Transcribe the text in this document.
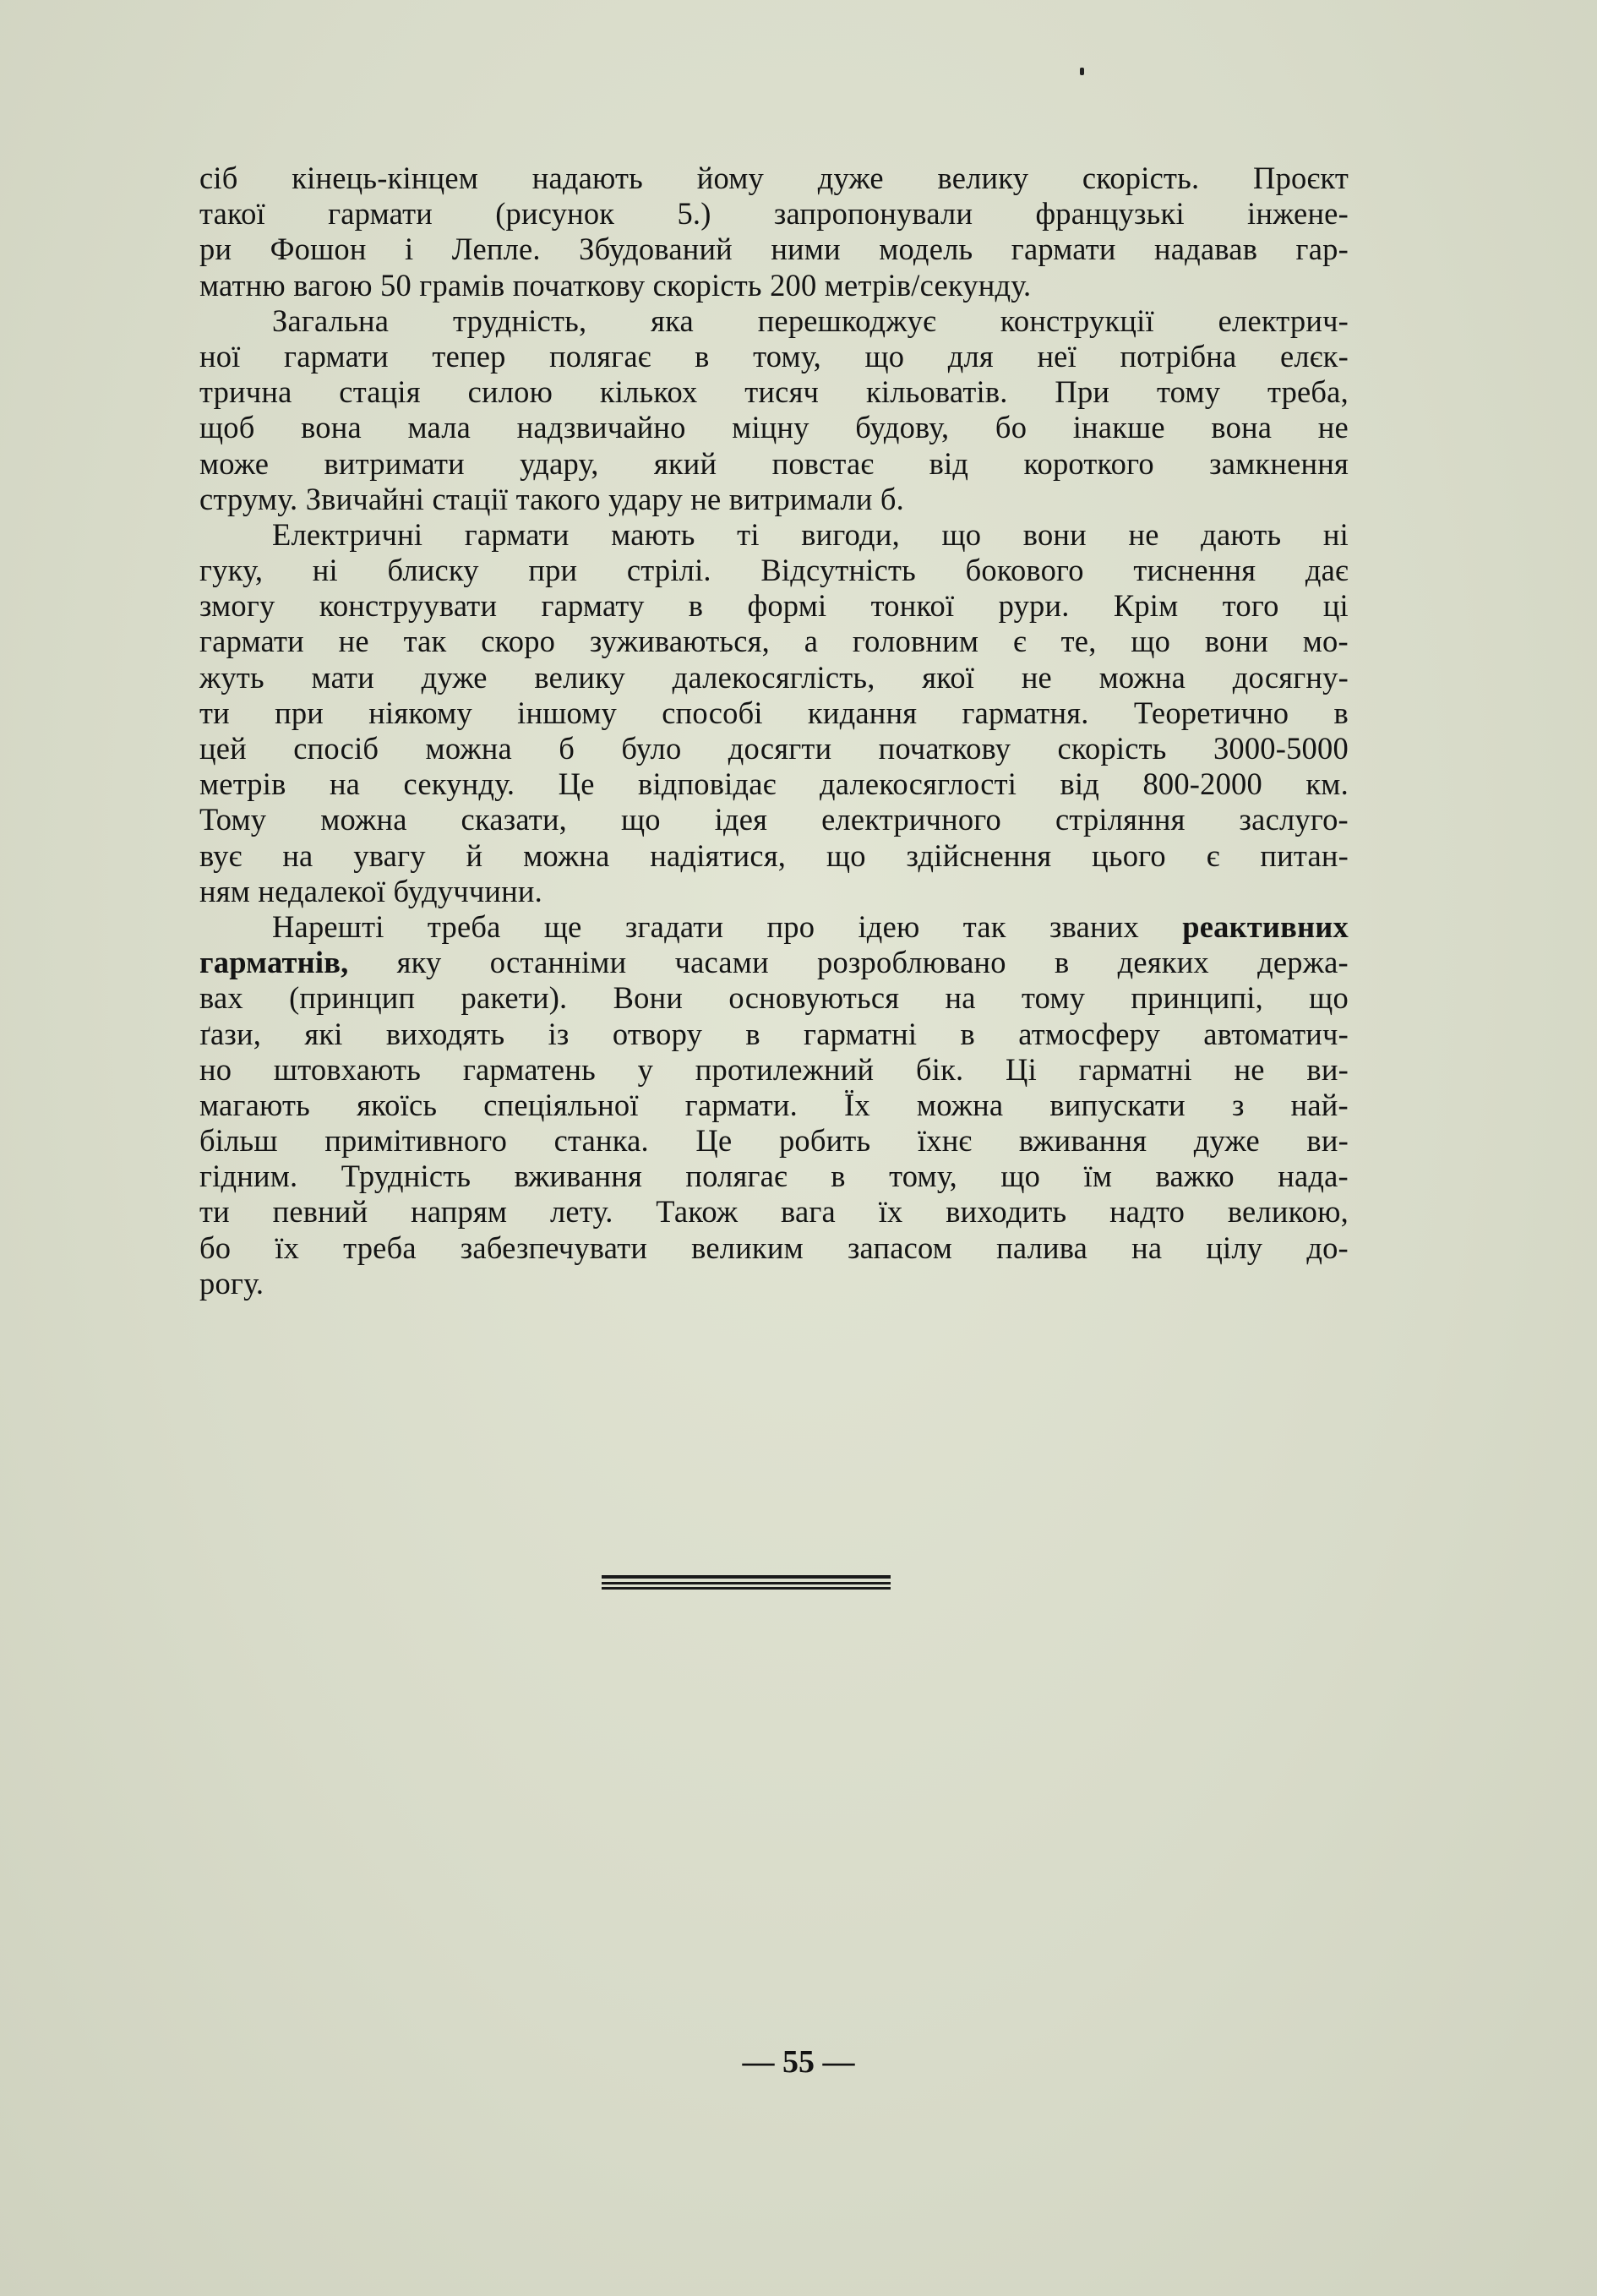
сіб кінець-кінцем надають йому дуже велику скорість. Проєкт
такої гармати (рисунок 5.) запропонували французькі інжене-
ри Фошон і Лепле. Збудований ними модель гармати надавав гар-
матню вагою 50 грамів початкову скорість 200 метрів/секунду.
Загальна трудність, яка перешкоджує конструкції електрич-
ної гармати тепер полягає в тому, що для неї потрібна елєк-
трична стація силою кількох тисяч кільоватів. При тому треба,
щоб вона мала надзвичайно міцну будову, бо інакше вона не
може витримати удару, який повстає від короткого замкнення
струму. Звичайні стації такого удару не витримали б.
Електричні гармати мають ті вигоди, що вони не дають ні
гуку, ні блиску при стрілі. Відсутність бокового тиснення дає
змогу конструувати гармату в формі тонкої рури. Крім того ці
гармати не так скоро зуживаються, а головним є те, що вони мо-
жуть мати дуже велику далекосяглість, якої не можна досягну-
ти при ніякому іншому способі кидання гарматня. Теоретично в
цей спосіб можна б було досягти початкову скорість 3000-5000
метрів на секунду. Це відповідає далекосяглості від 800-2000 км.
Тому можна сказати, що ідея електричного стріляння заслуго-
вує на увагу й можна надіятися, що здійснення цього є питан-
ням недалекої будуччини.
Нарешті треба ще згадати про ідею так званих реактивних
гарматнів, яку останніми часами розроблювано в деяких держа-
вах (принцип ракети). Вони основуються на тому принципі, що
ґази, які виходять із отвору в гарматні в атмосферу автоматич-
но штовхають гарматень у протилежний бік. Ці гарматні не ви-
магають якоїсь спеціяльної гармати. Їх можна випускати з най-
більш примітивного станка. Це робить їхнє вживання дуже ви-
гідним. Трудність вживання полягає в тому, що їм важко нада-
ти певний напрям лету. Також вага їх виходить надто великою,
бо їх треба забезпечувати великим запасом палива на цілу до-
рогу.
— 55 —
